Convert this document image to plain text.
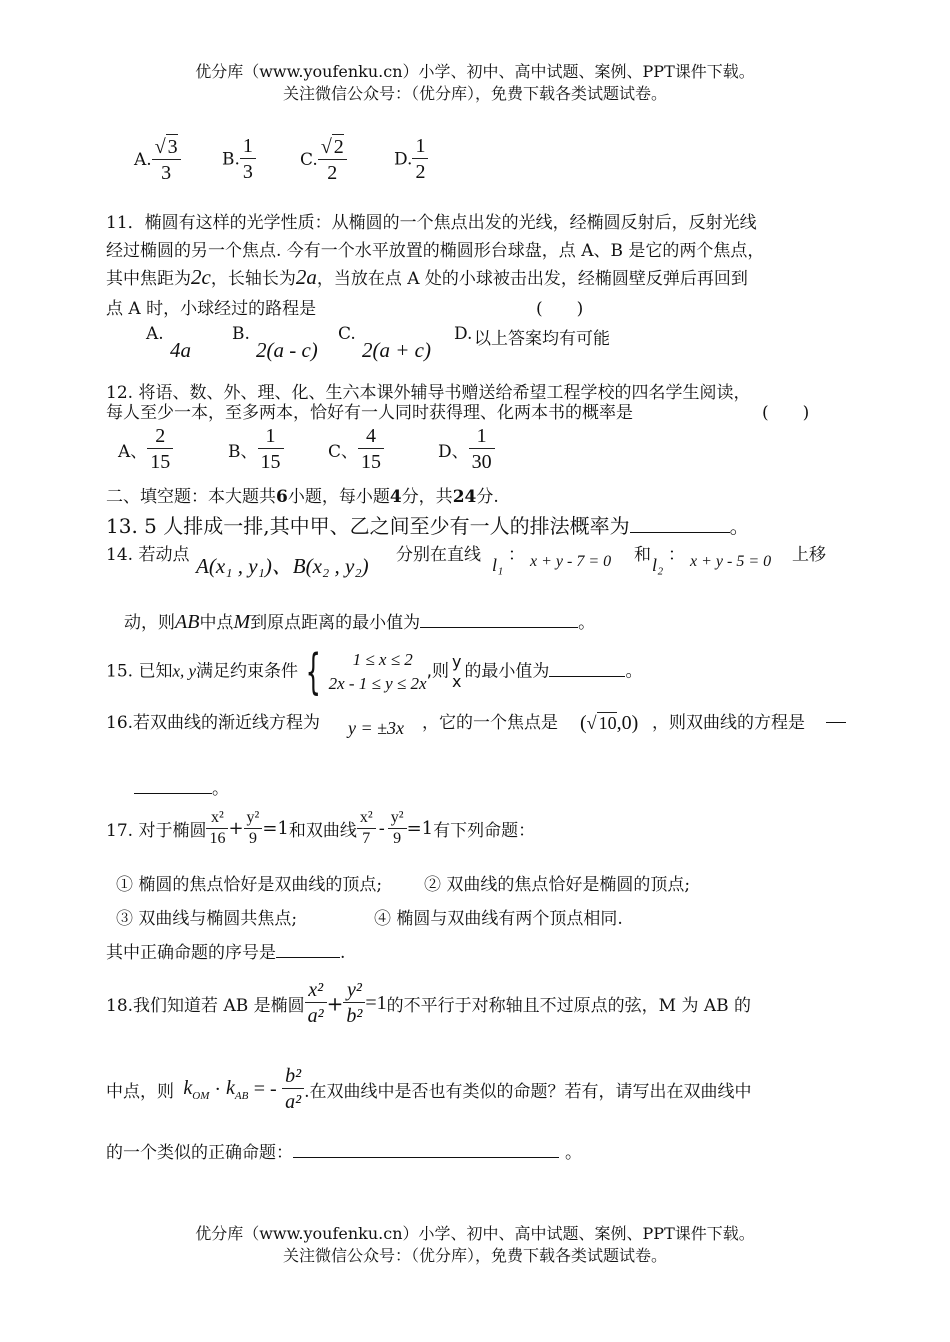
优分库（www.youfenku.cn）小学、初中、高中试题、案例、PPT课件下载。
关注微信公众号：（优分库），免费下载各类试题试卷。
A. $\frac{√ 3}{3} B$. $\frac{1}{3}$	C. $\frac{√ 2}{2}$	D. $\frac{1}{2}$
11．椭圆有这样的光学性质：从椭圆的一个焦点出发的光线，经椭圆反射后，反射光线
经过椭圆的另一个焦点. 今有一个水平放置的椭圆形台球盘，点 A、B 是它的两个焦点，
其中焦距为2c，长轴长为2a，当放在点 A 处的小球被击出发，经椭圆壁反弹后再回到
点 A 时，小球经过的路程是	(　　)
A.
4a
B.
2(a - c)
C.
2(a + c)
D. 以上答案均有可能
12. 将语、数、外、理、化、生六本课外辅导书赠送给希望工程学校的四名学生阅读，
每人至少一本，至多两本，恰好有一人同时获得理、化两本书的概率是	(　　)
A、 $\frac{2}{15}$	B、 $\frac{1}{15}$	C、 $\frac{4}{15}$	D、 $\frac{1}{30}$
二、填空题：本大题共6小题，每小题4分，共24分.
13. 5 人排成一排,其中甲、乙之间至少有一人的排法概率为	。
14. 若动点 A(x₁ , y₁)、B(x₂ , y₂) 分别在直线 l₁ ： x + y - 7 = 0 和 l₂ ： x + y - 5 = 0 上移
动，则AB中点M到原点距离的最小值为	。
15. 已知x, y满足约束条件 {	1 ≤ x ≤ 2
2x - 1 ≤ y ≤ 2x
,则 y
x 的最小值为	。
16.若双曲线的渐近线方程为 y = ±3x ，它的一个焦点是 (√ 10,0) ，则双曲线的方程是
。
17. 对于椭圆 $\frac{\text{x²}}{16} + \frac{\text{y²}}{9} =1$和双曲线 $\frac{\text{x²}}{7} - \frac{\text{y²}}{9} =1$有下列命题：
① 椭圆的焦点恰好是双曲线的顶点; ② 双曲线的焦点恰好是椭圆的顶点;
③ 双曲线与椭圆共焦点;	④ 椭圆与双曲线有两个顶点相同.
其中正确命题的序号是	.
18.我们知道若 AB 是椭圆 $\frac{\text{x²}}{\text{a²}} + \frac{\text{y²}}{\text{b²}} =1$的不平行于对称轴且不过原点的弦，M 为 AB 的
中点，则 $k_{OM} \cdot k_{AB}$ = - $\frac{\text{b²}}{\text{a²}}$ .在双曲线中是否也有类似的命题？若有，请写出在双曲线中
的一个类似的正确命题：	。
优分库（www.youfenku.cn）小学、初中、高中试题、案例、PPT课件下载。
关注微信公众号：（优分库），免费下载各类试题试卷。
